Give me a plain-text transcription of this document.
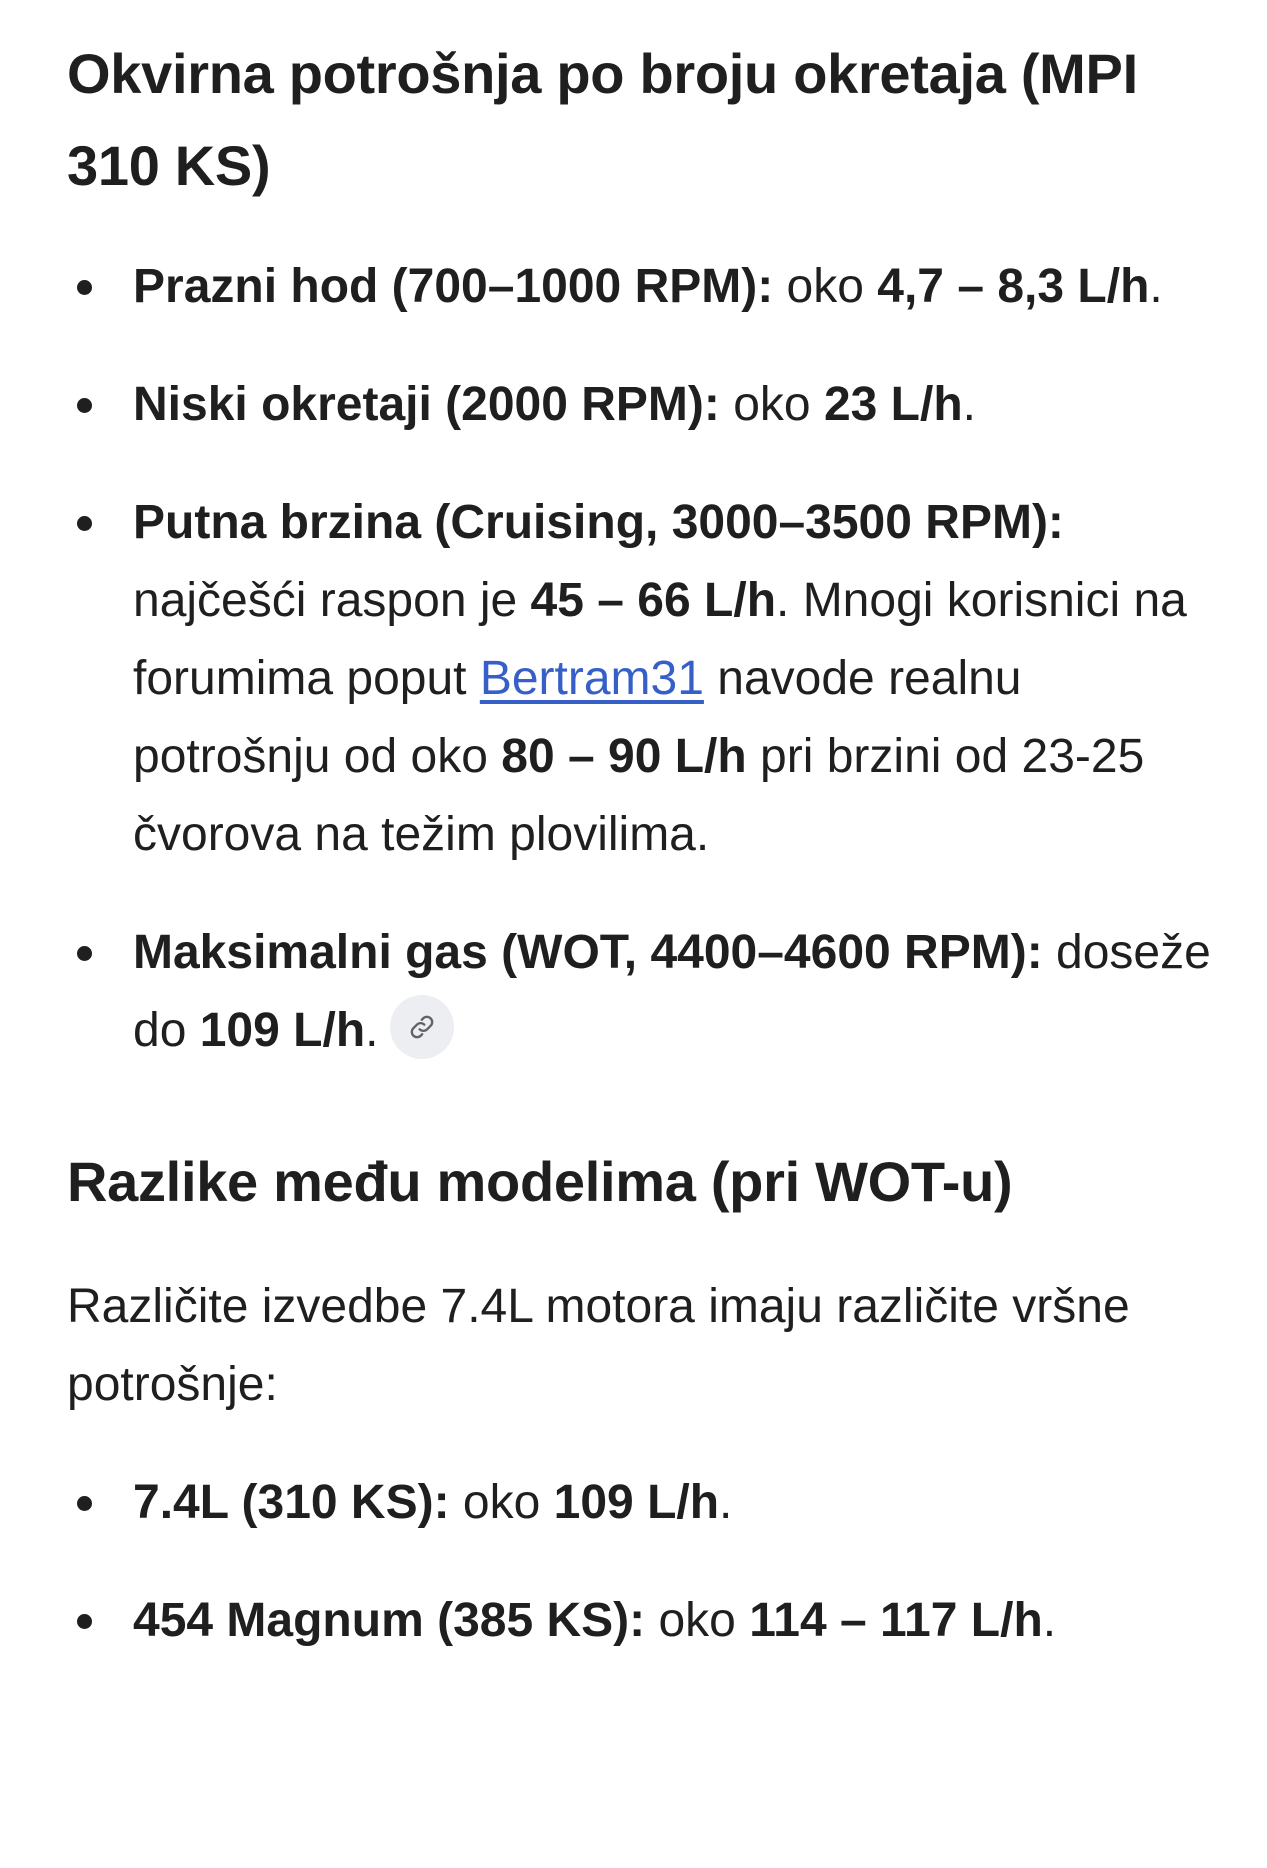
Okvirna potrošnja po broju okretaja (MPI 310 KS)
Prazni hod (700–1000 RPM): oko 4,7 – 8,3 L/h.
Niski okretaji (2000 RPM): oko 23 L/h.
Putna brzina (Cruising, 3000–3500 RPM): najčešći raspon je 45 – 66 L/h. Mnogi korisnici na forumima poput Bertram31 navode realnu potrošnju od oko 80 – 90 L/h pri brzini od 23-25 čvorova na težim plovilima.
Maksimalni gas (WOT, 4400–4600 RPM): doseže do 109 L/h.
Razlike među modelima (pri WOT-u)

Različite izvedbe 7.4L motora imaju različite vršne potrošnje:

7.4L (310 KS): oko 109 L/h.
454 Magnum (385 KS): oko 114 – 117 L/h.
